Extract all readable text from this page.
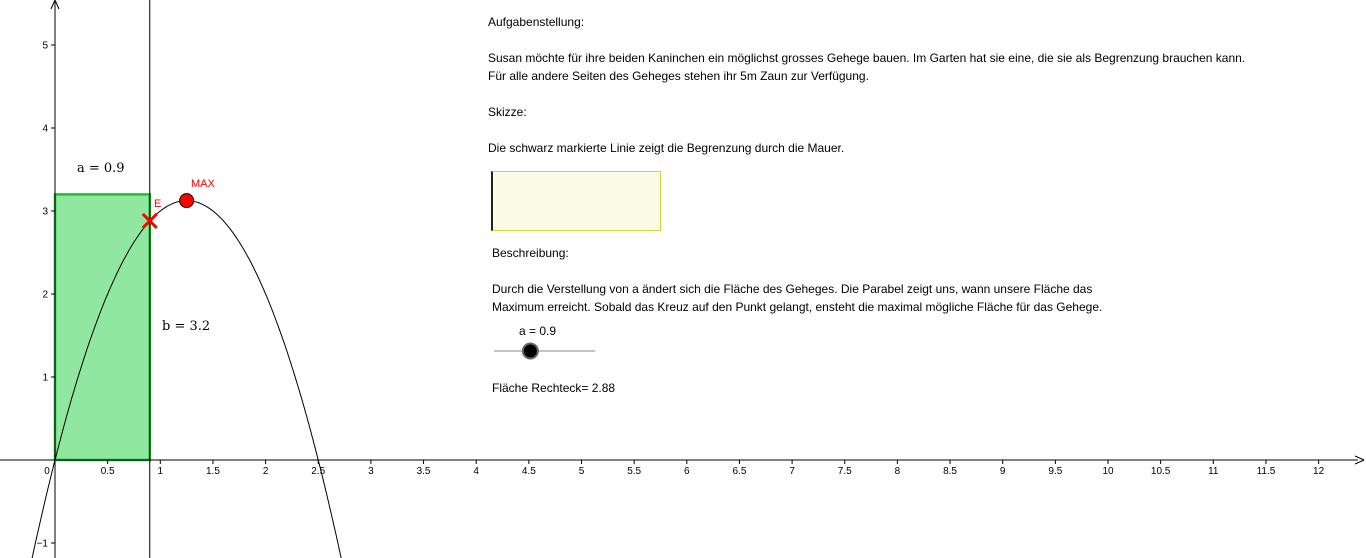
0	0.5	1	1.5	2	2.5	3	3.5	4	4.5	5	5.5	6	6.5	7	7.5	8	8.5	9	9.5	10	10.5	11	11.5	12
−1
1
2
3
4
5
a = 0.9
b = 3.2
MAX
E
Aufgabenstellung:
Susan möchte für ihre beiden Kaninchen ein möglichst grosses Gehege bauen. Im Garten hat sie eine, die sie als Begrenzung brauchen kann.
Für alle andere Seiten des Geheges stehen ihr 5m Zaun zur Verfügung.
Skizze:
Die schwarz markierte Linie zeigt die Begrenzung durch die Mauer.
Beschreibung:
Durch die Verstellung von a ändert sich die Fläche des Geheges. Die Parabel zeigt uns, wann unsere Fläche das
Maximum erreicht. Sobald das Kreuz auf den Punkt gelangt, ensteht die maximal mögliche Fläche für das Gehege.
a = 0.9
Fläche Rechteck= 2.88
